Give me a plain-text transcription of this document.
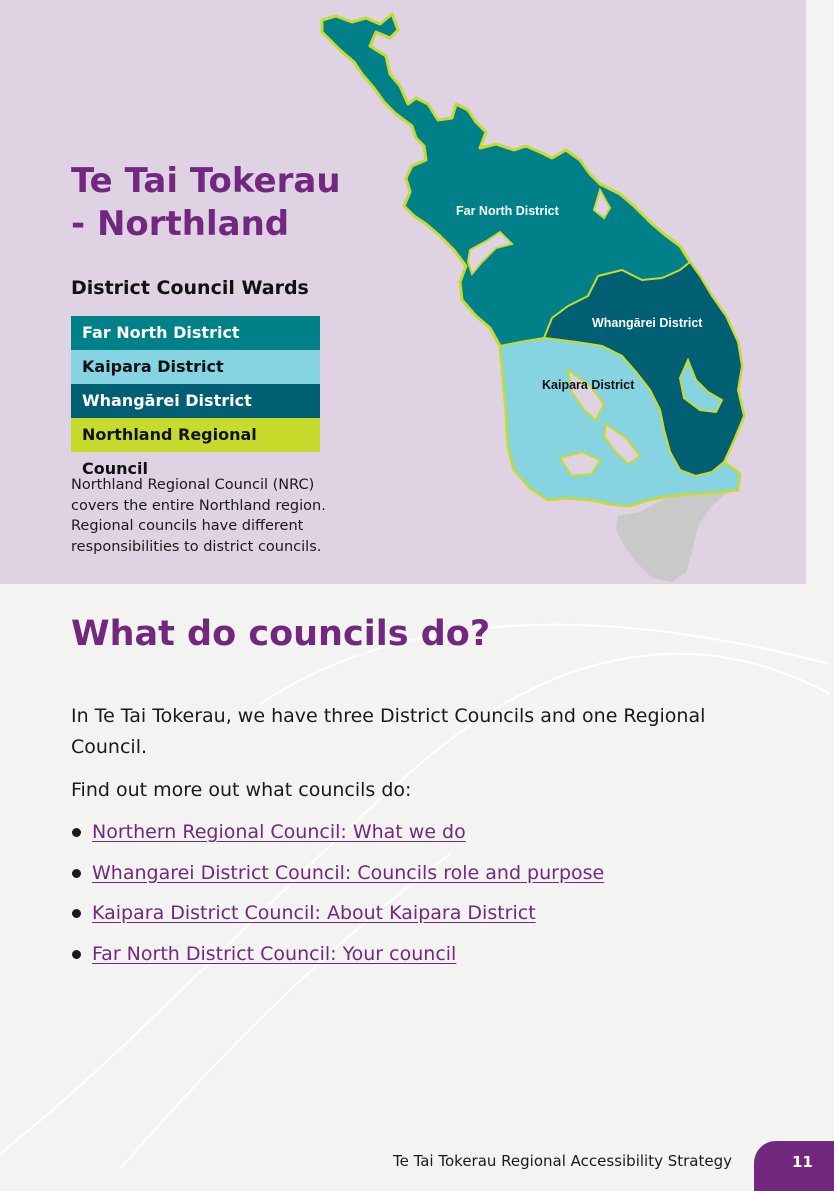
Te Tai Tokerau - Northland
District Council Wards
Far North District
Kaipara District
Whangārei District
Northland Regional Council

Northland Regional Council (NRC) covers the entire Northland region. Regional councils have different responsibilities to district councils.

Far North District
Whangārei District
Kaipara District
What do councils do?

In Te Tai Tokerau, we have three District Councils and one Regional Council.

Find out more out what councils do:

Northern Regional Council: What we do
Whangarei District Council: Councils role and purpose
Kaipara District Council: About Kaipara District
Far North District Council: Your council

Te Tai Tokerau Regional Accessibility Strategy	11
